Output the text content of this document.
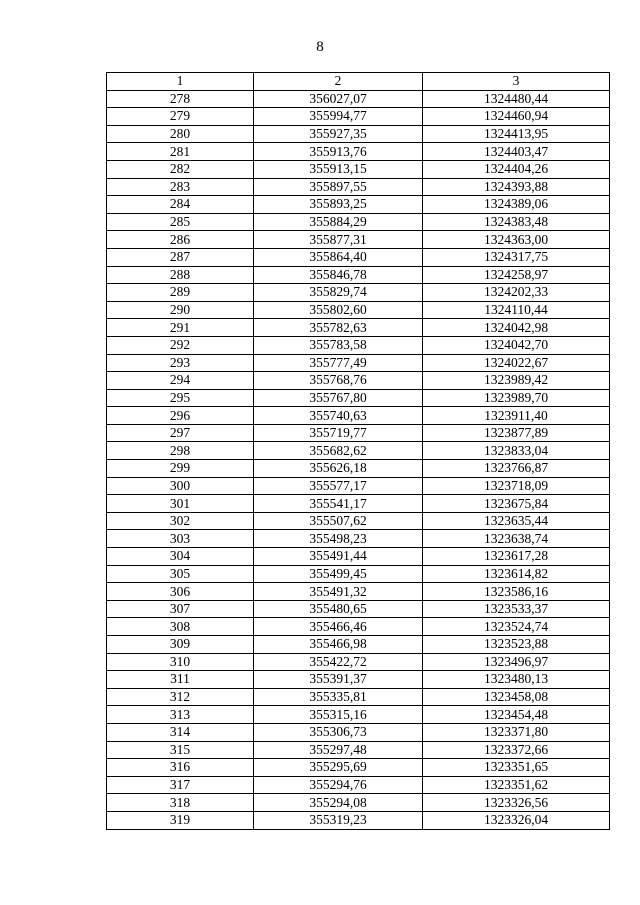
8
1	2	3
278	356027,07	1324480,44
279	355994,77	1324460,94
280	355927,35	1324413,95
281	355913,76	1324403,47
282	355913,15	1324404,26
283	355897,55	1324393,88
284	355893,25	1324389,06
285	355884,29	1324383,48
286	355877,31	1324363,00
287	355864,40	1324317,75
288	355846,78	1324258,97
289	355829,74	1324202,33
290	355802,60	1324110,44
291	355782,63	1324042,98
292	355783,58	1324042,70
293	355777,49	1324022,67
294	355768,76	1323989,42
295	355767,80	1323989,70
296	355740,63	1323911,40
297	355719,77	1323877,89
298	355682,62	1323833,04
299	355626,18	1323766,87
300	355577,17	1323718,09
301	355541,17	1323675,84
302	355507,62	1323635,44
303	355498,23	1323638,74
304	355491,44	1323617,28
305	355499,45	1323614,82
306	355491,32	1323586,16
307	355480,65	1323533,37
308	355466,46	1323524,74
309	355466,98	1323523,88
310	355422,72	1323496,97
311	355391,37	1323480,13
312	355335,81	1323458,08
313	355315,16	1323454,48
314	355306,73	1323371,80
315	355297,48	1323372,66
316	355295,69	1323351,65
317	355294,76	1323351,62
318	355294,08	1323326,56
319	355319,23	1323326,04
